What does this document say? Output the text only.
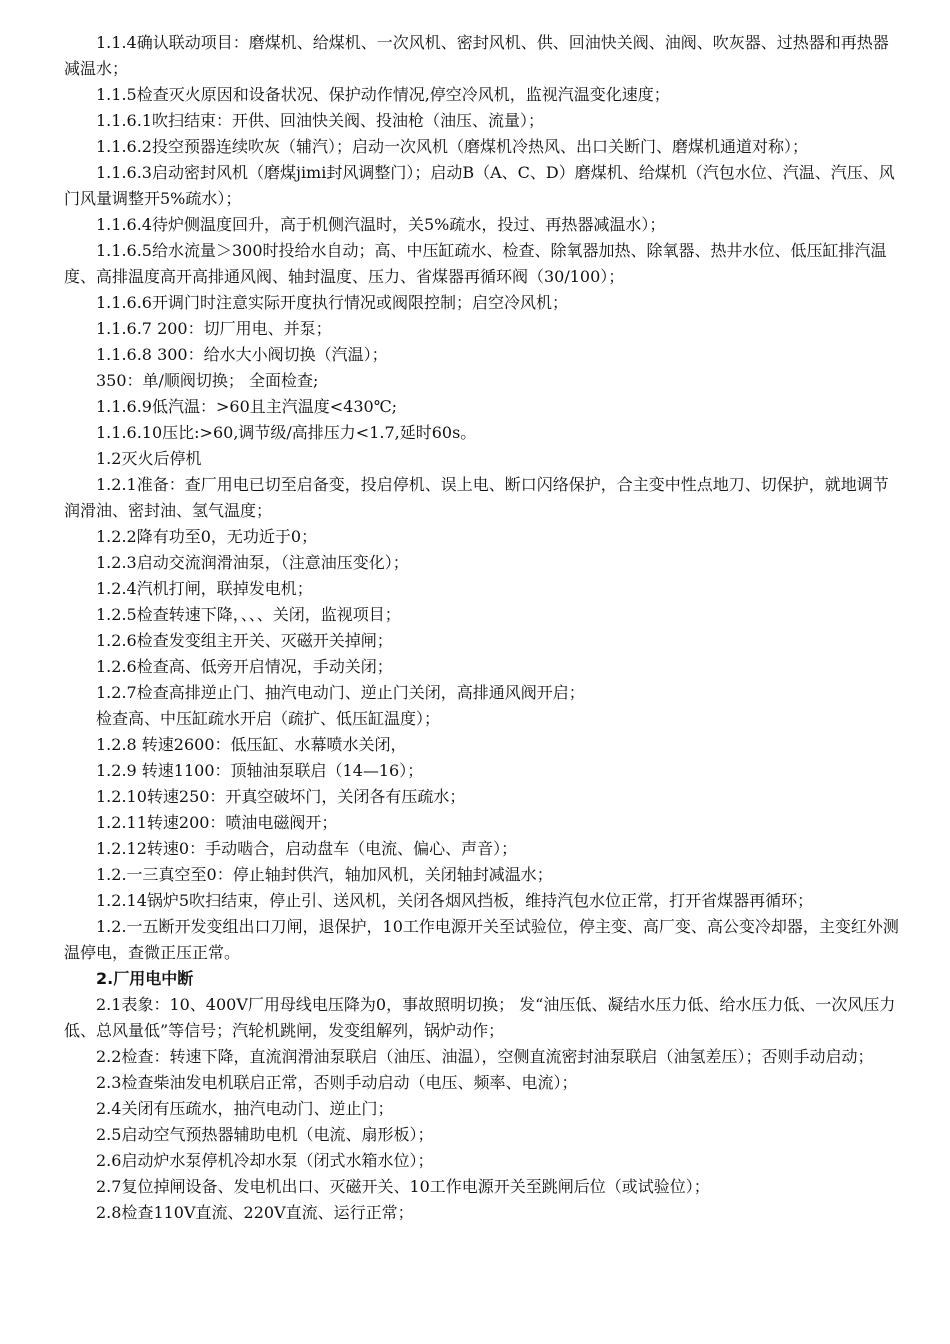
1.1.4确认联动项目：磨煤机、给煤机、一次风机、密封风机、供、回油快关阀、油阀、吹灰器、过热器和再热器减温水；

1.1.5检查灭火原因和设备状况、保护动作情况,停空冷风机，监视汽温变化速度；

1.1.6.1吹扫结束：开供、回油快关阀、投油枪（油压、流量）；

1.1.6.2投空预器连续吹灰（辅汽）；启动一次风机（磨煤机冷热风、出口关断门、磨煤机通道对称）；

1.1.6.3启动密封风机（磨煤jimi封风调整门）；启动B（A、C、D）磨煤机、给煤机（汽包水位、汽温、汽压、风门风量调整开5%疏水）；

1.1.6.4待炉侧温度回升，高于机侧汽温时，关5%疏水，投过、再热器减温水）；

1.1.6.5给水流量＞300时投给水自动；高、中压缸疏水、检查、除氧器加热、除氧器、热井水位、低压缸排汽温度、高排温度高开高排通风阀、轴封温度、压力、省煤器再循环阀（30/100）；

1.1.6.6开调门时注意实际开度执行情况或阀限控制；启空冷风机；

1.1.6.7 200：切厂用电、并泵；

1.1.6.8 300：给水大小阀切换（汽温）；

350：单/顺阀切换； 全面检查;

1.1.6.9低汽温：>60且主汽温度<430℃;

1.1.6.10压比:>60,调节级/高排压力<1.7,延时60s。

1.2灭火后停机

1.2.1准备：查厂用电已切至启备变，投启停机、误上电、断口闪络保护，合主变中性点地刀、切保护，就地调节润滑油、密封油、氢气温度；

1.2.2降有功至0，无功近于0；

1.2.3启动交流润滑油泵，（注意油压变化）；

1.2.4汽机打闸，联掉发电机；

1.2.5检查转速下降，、、、关闭，监视项目；

1.2.6检查发变组主开关、灭磁开关掉闸；

1.2.6检查高、低旁开启情况，手动关闭；

1.2.7检查高排逆止门、抽汽电动门、逆止门关闭，高排通风阀开启；

检查高、中压缸疏水开启（疏扩、低压缸温度）；

1.2.8 转速2600：低压缸、水幕喷水关闭，

1.2.9 转速1100：顶轴油泵联启（14—16）；

1.2.10转速250：开真空破坏门，关闭各有压疏水；

1.2.11转速200：喷油电磁阀开；

1.2.12转速0：手动啮合，启动盘车（电流、偏心、声音）；

1.2.一三真空至0：停止轴封供汽，轴加风机，关闭轴封减温水；

1.2.14锅炉5吹扫结束，停止引、送风机，关闭各烟风挡板，维持汽包水位正常，打开省煤器再循环；

1.2.一五断开发变组出口刀闸，退保护，10工作电源开关至试验位，停主变、高厂变、高公变冷却器，主变红外测温停电，查微正压正常。

2.厂用电中断

2.1表象：10、400V厂用母线电压降为0，事故照明切换； 发“油压低、凝结水压力低、给水压力低、一次风压力低、总风量低”等信号；汽轮机跳闸，发变组解列，锅炉动作；

2.2检查：转速下降，直流润滑油泵联启（油压、油温），空侧直流密封油泵联启（油氢差压）；否则手动启动；

2.3检查柴油发电机联启正常，否则手动启动（电压、频率、电流）；

2.4关闭有压疏水，抽汽电动门、逆止门；

2.5启动空气预热器辅助电机（电流、扇形板）；

2.6启动炉水泵停机冷却水泵（闭式水箱水位）；

2.7复位掉闸设备、发电机出口、灭磁开关、10工作电源开关至跳闸后位（或试验位）；

2.8检查110V直流、220V直流、运行正常；
